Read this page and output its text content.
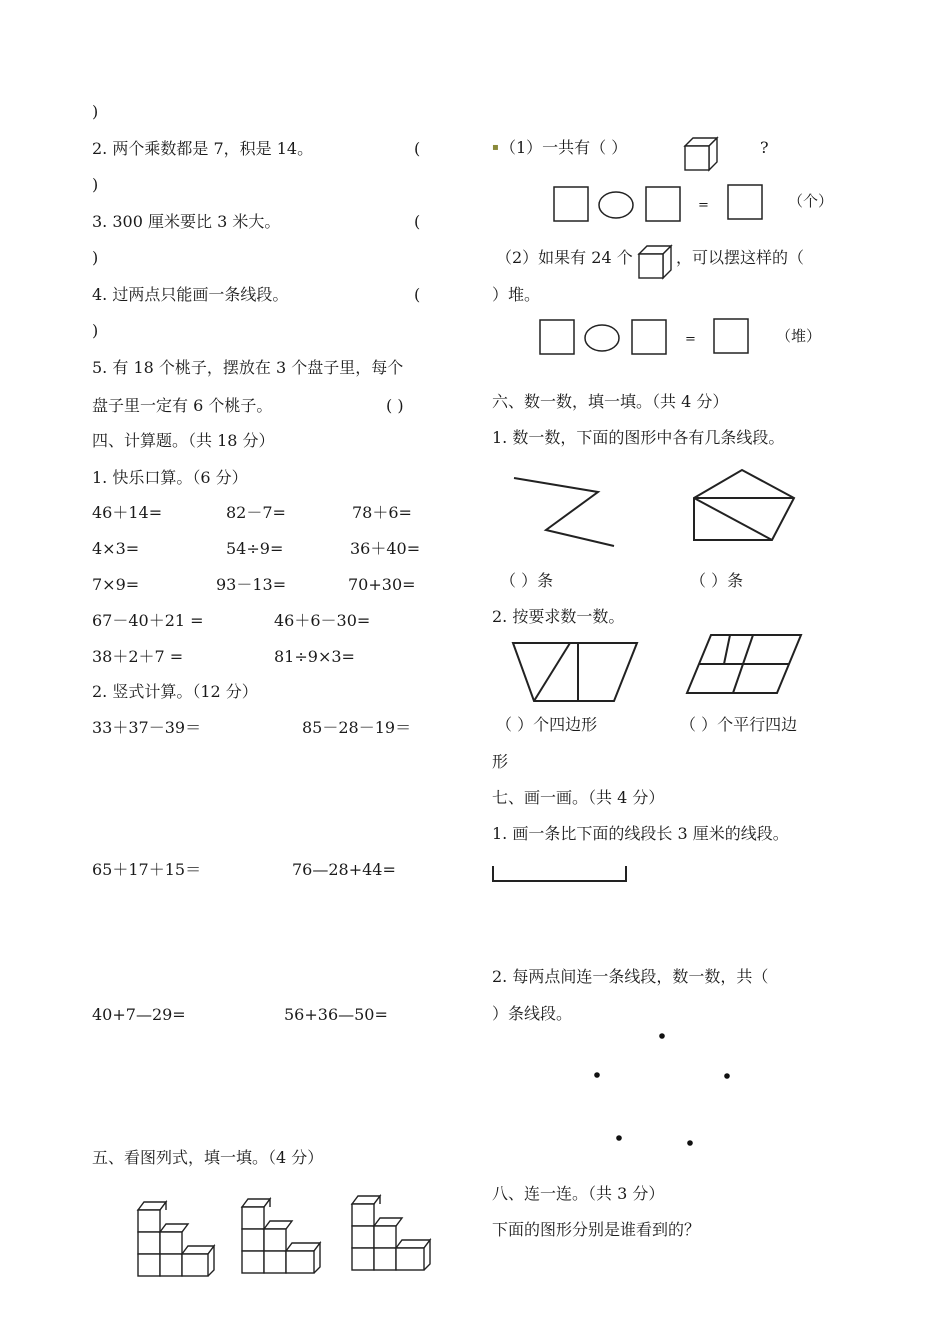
)
2. 两个乘数都是 7，积是 14。	(
)
3. 300 厘米要比 3 米大。	(
)
4. 过两点只能画一条线段。	(
)
5. 有 18 个桃子，摆放在 3 个盘子里，每个
盘子里一定有 6 个桃子。	( )
四、计算题。（共 18 分）
1. 快乐口算。（6 分）
46＋14=	82－7=	78＋6=
4×3=	54÷9=	36＋40=
7×9=	93－13=	70+30=
67－40＋21 =	46＋6－30=
38＋2＋7 =	81÷9×3=
2. 竖式计算。（12 分）
33＋37－39＝	85－28－19＝
65＋17＋15＝	76—28+44=
40+7—29=	56+36—50=
五、看图列式，填一填。（4 分）
▪ （1）一共有（ ）	?
=	（个）
（2）如果有 24 个	，可以摆这样的（
）堆。
=	（堆）
六、数一数，填一填。（共 4 分）
1. 数一数，下面的图形中各有几条线段。
（ ）条	（ ）条
2. 按要求数一数。
（ ）个四边形	（ ）个平行四边
形
七、画一画。（共 4 分）
1. 画一条比下面的线段长 3 厘米的线段。
2. 每两点间连一条线段，数一数，共（
）条线段。
八、连一连。（共 3 分）
下面的图形分别是谁看到的？
